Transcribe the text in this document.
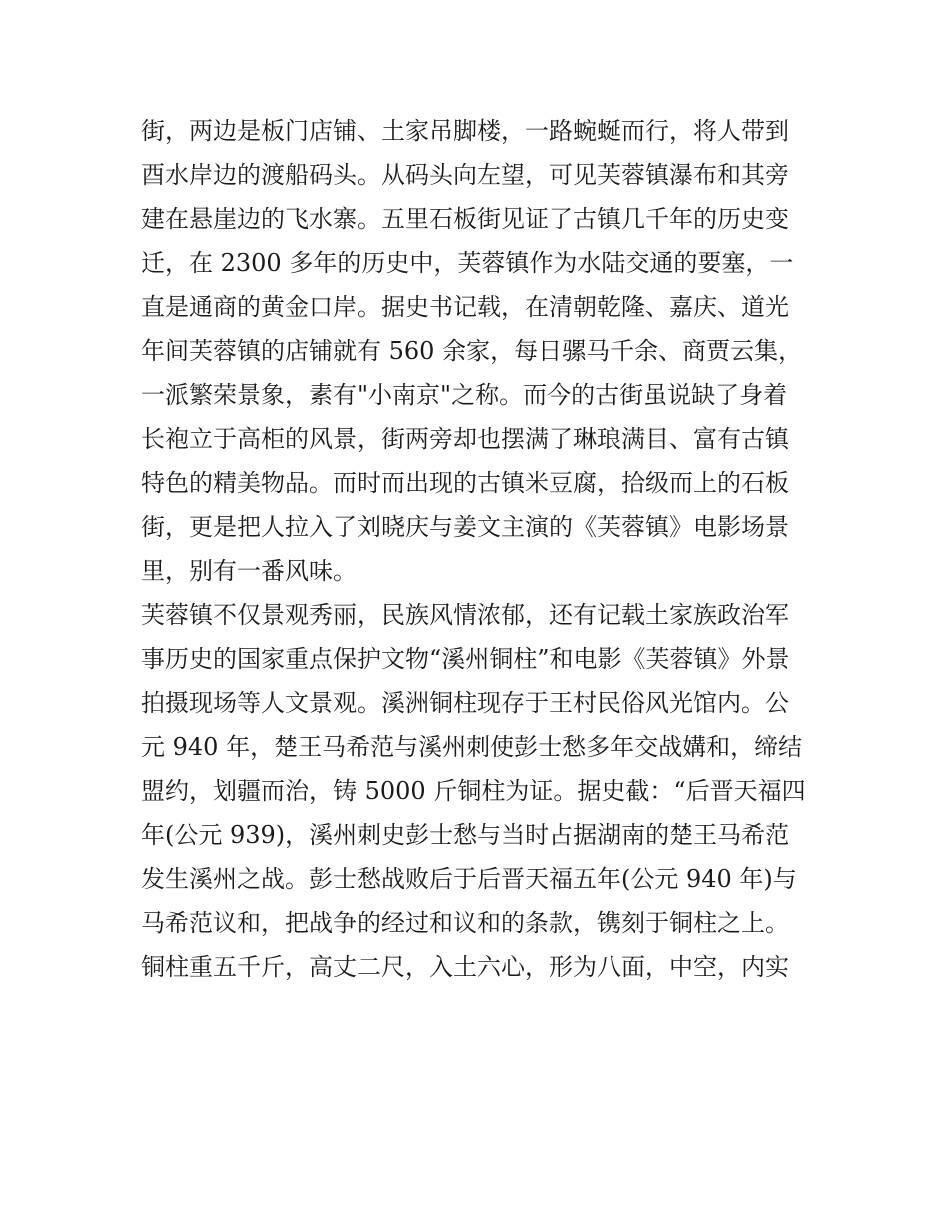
街，两边是板门店铺、土家吊脚楼，一路蜿蜒而行，将人带到
酉水岸边的渡船码头。从码头向左望，可见芙蓉镇瀑布和其旁
建在悬崖边的飞水寨。五里石板街见证了古镇几千年的历史变
迁，在 2300 多年的历史中，芙蓉镇作为水陆交通的要塞，一
直是通商的黄金口岸。据史书记载，在清朝乾隆、嘉庆、道光
年间芙蓉镇的店铺就有 560 余家，每日骡马千余、商贾云集，
一派繁荣景象，素有"小南京"之称。而今的古街虽说缺了身着
长袍立于高柜的风景，街两旁却也摆满了琳琅满目、富有古镇
特色的精美物品。而时而出现的古镇米豆腐，拾级而上的石板
街，更是把人拉入了刘晓庆与姜文主演的《芙蓉镇》电影场景
里，别有一番风味。
芙蓉镇不仅景观秀丽，民族风情浓郁，还有记载土家族政治军
事历史的国家重点保护文物“溪州铜柱”和电影《芙蓉镇》外景
拍摄现场等人文景观。溪洲铜柱现存于王村民俗风光馆内。公
元 940 年，楚王马希范与溪州刺使彭士愁多年交战媾和，缔结
盟约，划疆而治，铸 5000 斤铜柱为证。据史截：“后晋天福四
年(公元 939)，溪州刺史彭士愁与当时占据湖南的楚王马希范
发生溪州之战。彭士愁战败后于后晋天福五年(公元 940 年)与
马希范议和，把战争的经过和议和的条款，镌刻于铜柱之上。
铜柱重五千斤，高丈二尺，入土六心，形为八面，中空，内实
